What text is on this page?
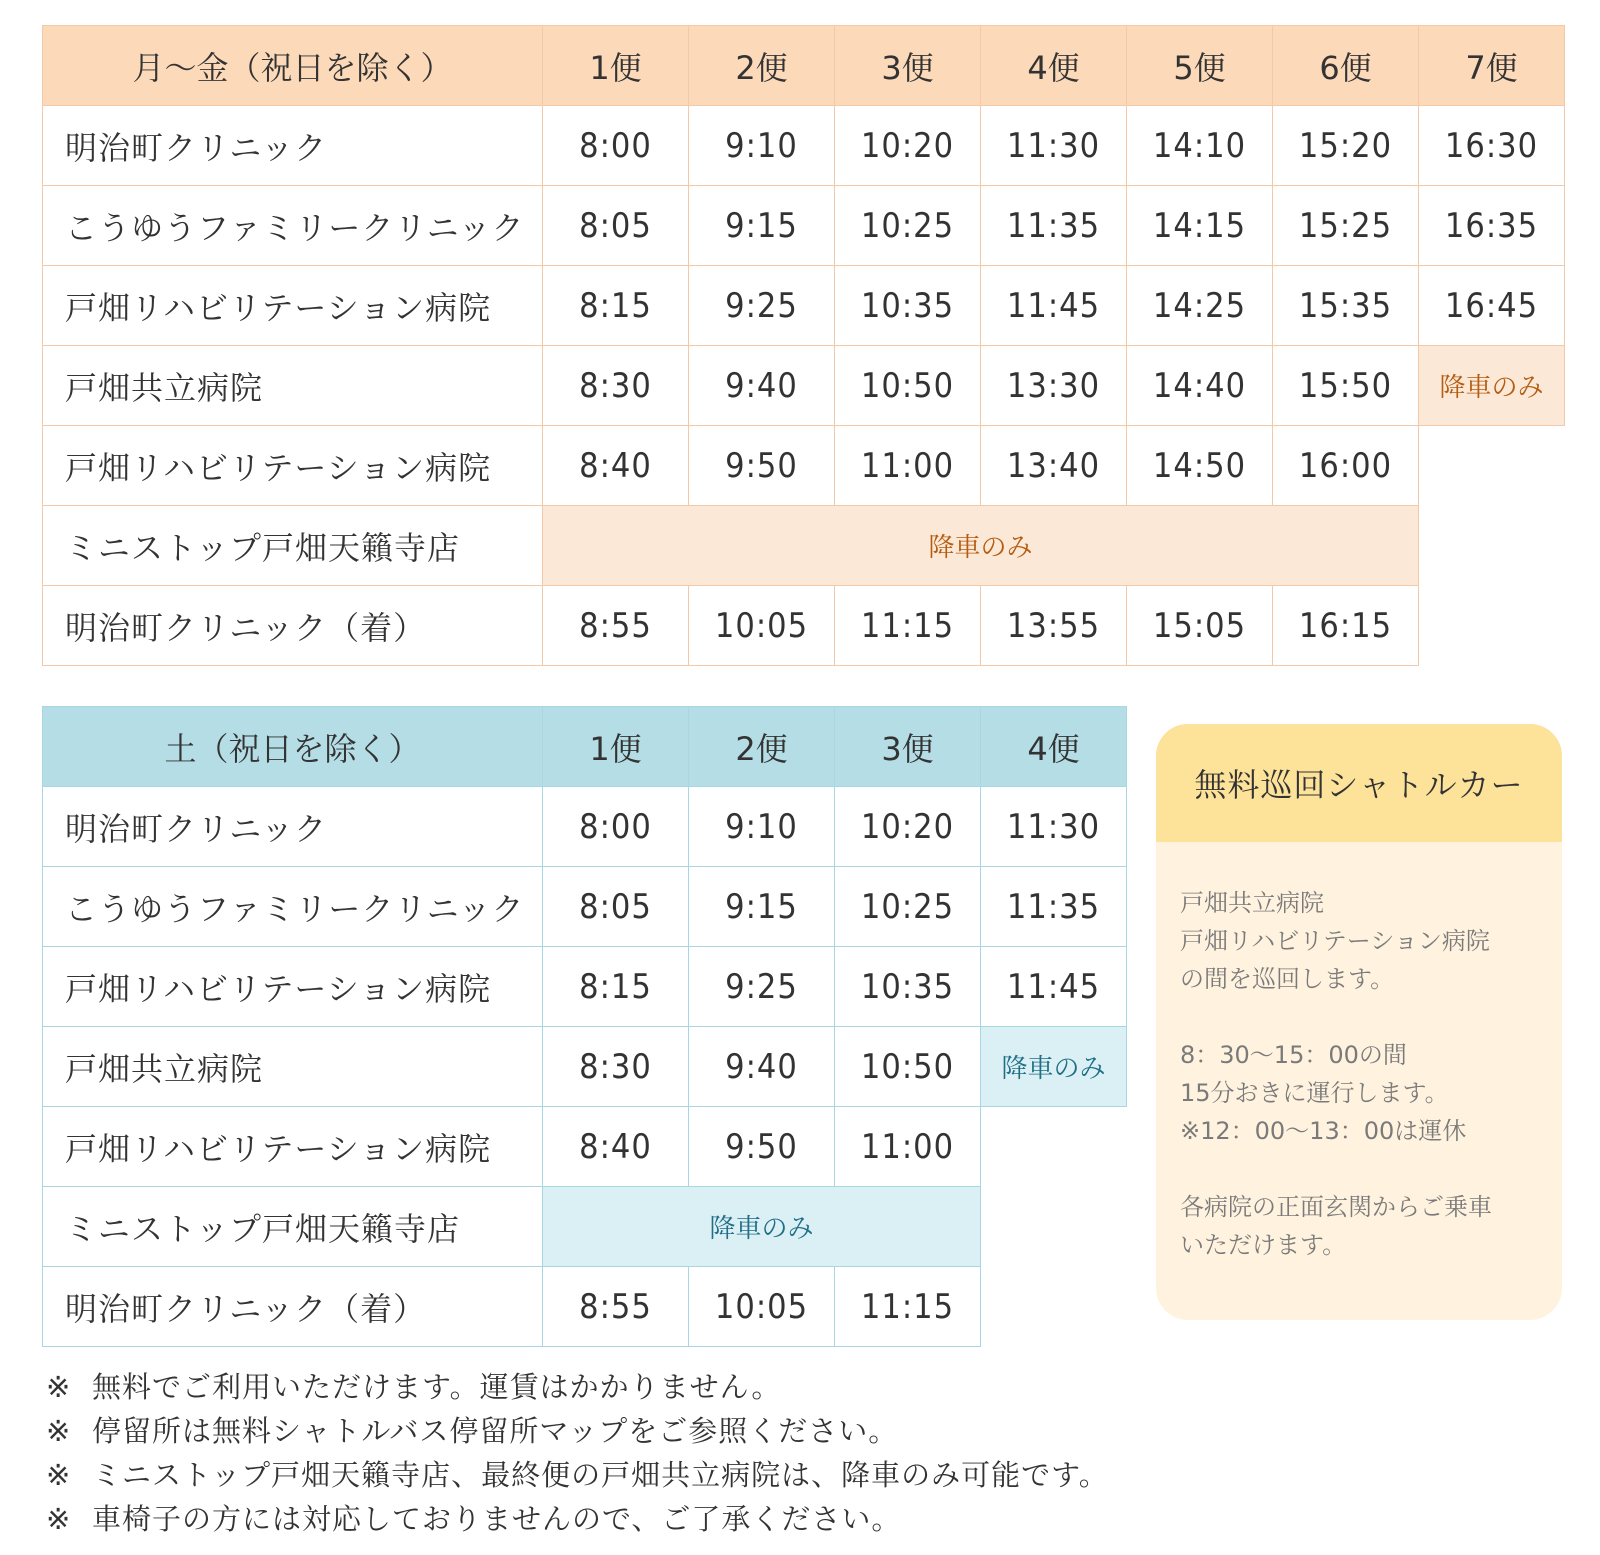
月〜金（祝日を除く）	1便	2便	3便	4便	5便	6便	7便
明治町クリニック	8:00	9:10	10:20	11:30	14:10	15:20	16:30
こうゆうファミリークリニック	8:05	9:15	10:25	11:35	14:15	15:25	16:35
戸畑リハビリテーション病院	8:15	9:25	10:35	11:45	14:25	15:35	16:45
戸畑共立病院	8:30	9:40	10:50	13:30	14:40	15:50	降車のみ
戸畑リハビリテーション病院	8:40	9:50	11:00	13:40	14:50	16:00	
ミニストップ戸畑天籟寺店	降車のみ						
明治町クリニック（着）	8:55	10:05	11:15	13:55	15:05	16:15	
土（祝日を除く）	1便	2便	3便	4便
明治町クリニック	8:00	9:10	10:20	11:30
こうゆうファミリークリニック	8:05	9:15	10:25	11:35
戸畑リハビリテーション病院	8:15	9:25	10:35	11:45
戸畑共立病院	8:30	9:40	10:50	降車のみ
戸畑リハビリテーション病院	8:40	9:50	11:00	
ミニストップ戸畑天籟寺店	降車のみ			
明治町クリニック（着）	8:55	10:05	11:15	
無料巡回シャトルカー

戸畑共立病院
戸畑リハビリテーション病院
の間を巡回します。

8：30〜15：00の間
15分おきに運行します。
※12：00〜13：00は運休

各病院の正面玄関からご乗車
いただけます。

※ 無料でご利用いただけます。運賃はかかりません。
※ 停留所は無料シャトルバス停留所マップをご参照ください。
※ ミニストップ戸畑天籟寺店、最終便の戸畑共立病院は、降車のみ可能です。
※ 車椅子の方には対応しておりませんので、ご了承ください。
